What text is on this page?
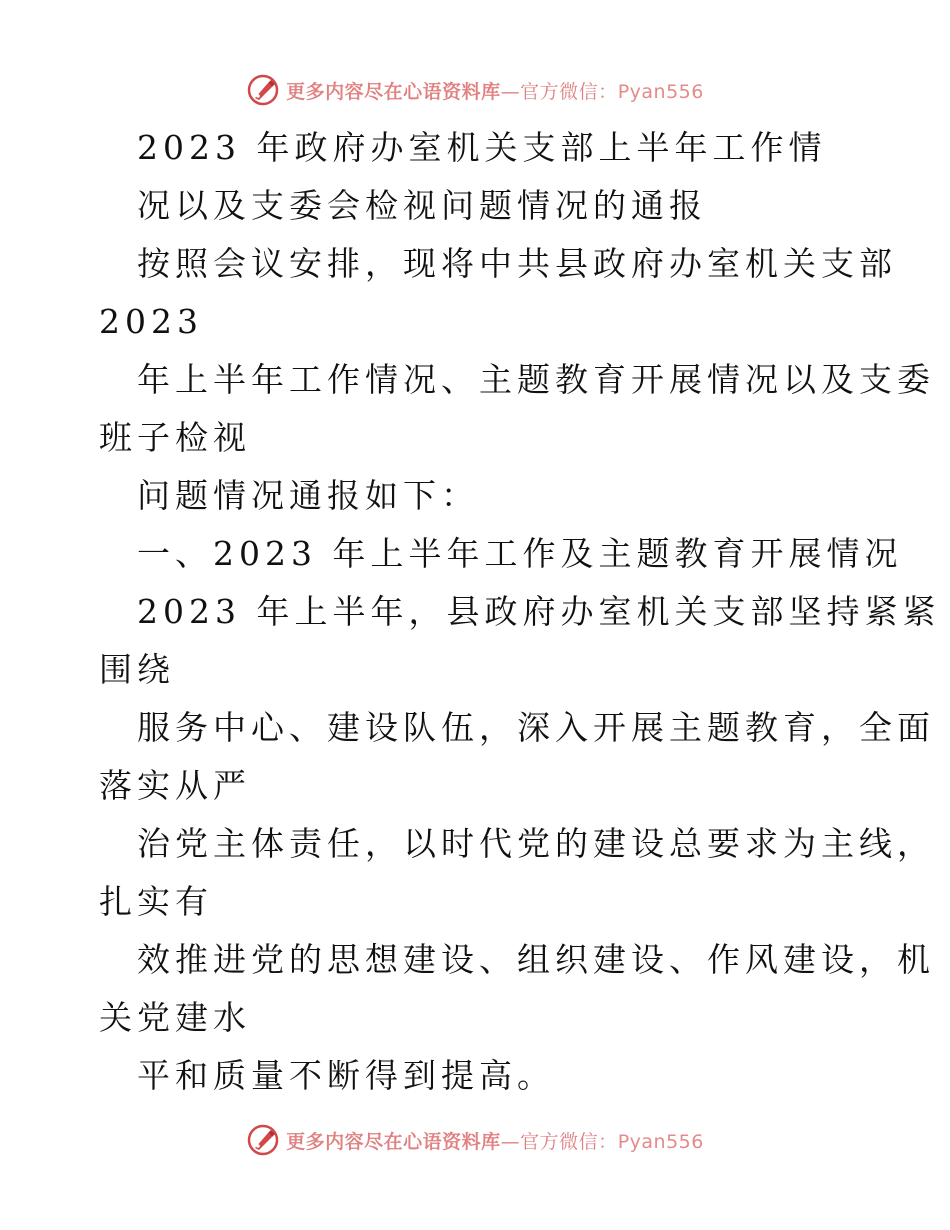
更多内容尽在心语资料库—官方微信：Pyan556
2023 年政府办室机关支部上半年工作情
况以及支委会检视问题情况的通报
按照会议安排，现将中共县政府办室机关支部
2023
年上半年工作情况、主题教育开展情况以及支委
班子检视
问题情况通报如下：
一、2023 年上半年工作及主题教育开展情况
2023 年上半年，县政府办室机关支部坚持紧紧
围绕
服务中心、建设队伍，深入开展主题教育，全面
落实从严
治党主体责任，以时代党的建设总要求为主线，
扎实有
效推进党的思想建设、组织建设、作风建设，机
关党建水
平和质量不断得到提高。
更多内容尽在心语资料库—官方微信：Pyan556
